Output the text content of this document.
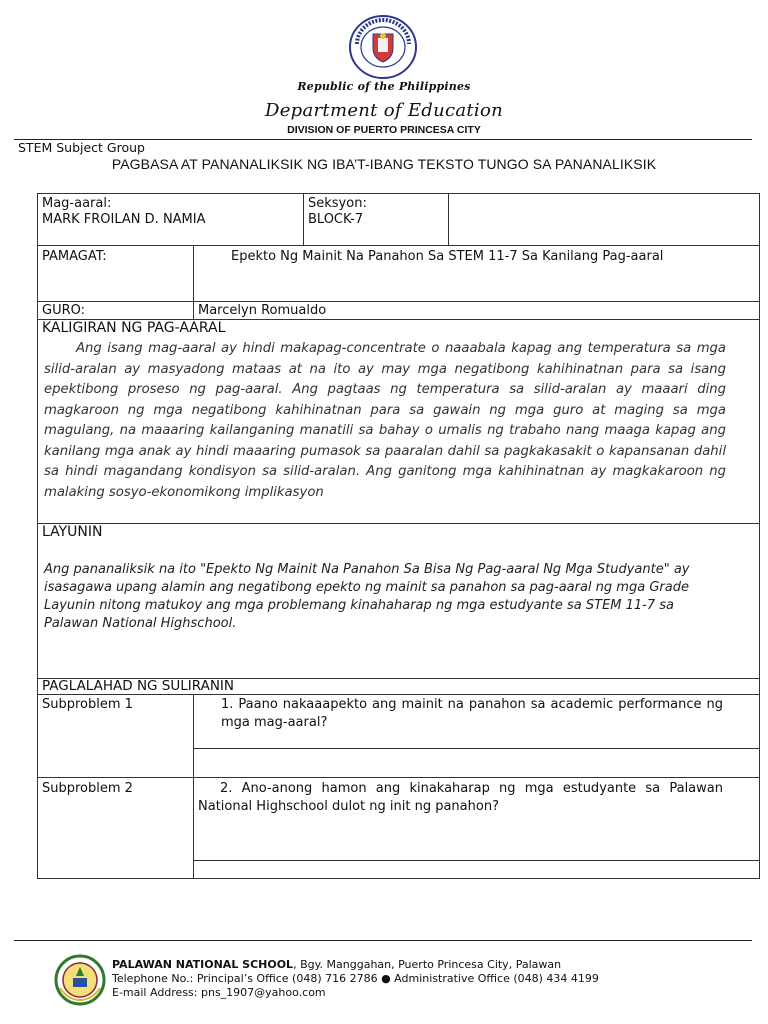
Republic of the Philippines
Department of Education
DIVISION OF PUERTO PRINCESA CITY
STEM Subject Group
PAGBASA AT PANANALIKSIK NG IBA’T-IBANG TEKSTO TUNGO SA PANANALIKSIK
Mag-aaral:
MARK FROILAN D. NAMIA
Seksyon:
BLOCK-7
PAMAGAT:	Epekto Ng Mainit Na Panahon Sa STEM 11-7 Sa Kanilang Pag-aaral
GURO:	Marcelyn Romualdo
KALIGIRAN NG PAG-AARAL
Ang isang mag-aaral ay hindi makapag-concentrate o naaabala kapag ang temperatura sa mga silid-aralan ay masyadong mataas at na ito ay may mga negatibong kahihinatnan para sa isang epektibong proseso ng pag-aaral. Ang pagtaas ng temperatura sa silid-aralan ay maaari ding magkaroon ng mga negatibong kahihinatnan para sa gawain ng mga guro at maging sa mga magulang, na maaaring kailanganing manatili sa bahay o umalis ng trabaho nang maaga kapag ang kanilang mga anak ay hindi maaaring pumasok sa paaralan dahil sa pagkakasakit o kapansanan dahil sa hindi magandang kondisyon sa silid-aralan. Ang ganitong mga kahihinatnan ay magkakaroon ng malaking sosyo-ekonomikong implikasyon
LAYUNIN
Ang pananaliksik na ito "Epekto Ng Mainit Na Panahon Sa Bisa Ng Pag-aaral Ng Mga Studyante" ay
isasagawa upang alamin ang negatibong epekto ng mainit sa panahon sa pag-aaral ng mga Grade
Layunin nitong matukoy ang mga problemang kinahaharap ng mga estudyante sa STEM 11-7 sa
Palawan National Highschool.
PAGLALAHAD NG SULIRANIN
Subproblem 1	1. Paano nakaaapekto ang mainit na panahon sa academic performance ng mga mag-aaral?
Subproblem 2	2. Ano-anong hamon ang kinakaharap ng mga estudyante sa Palawan National Highschool dulot ng init ng panahon?
PALAWAN NATIONAL SCHOOL, Bgy. Manggahan, Puerto Princesa City, Palawan
Telephone No.: Principal’s Office (048) 716 2786 ● Administrative Office (048) 434 4199
E-mail Address: pns_1907@yahoo.com
